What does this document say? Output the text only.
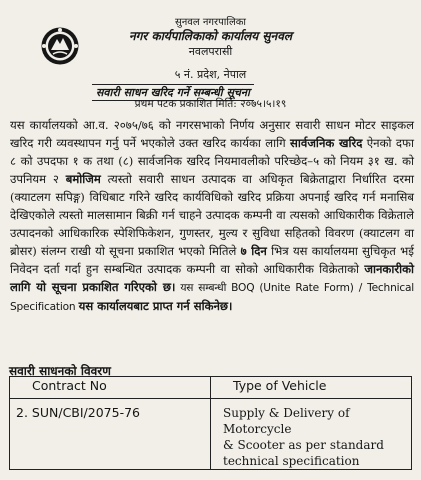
सुनवल नगरपालिका
नगर कार्यपालिकाको कार्यालय सुनवल
नवलपरासी
५ नं. प्रदेश, नेपाल
सवारी साधन खरिद गर्ने सम्बन्धी सूचना
प्रथम पटक प्रकाशित मिति: २०७५।५।१९

यस कार्यालयको आ.व. २०७५/७६ को नगरसभाको निर्णय अनुसार सवारी साधन मोटर साइकल खरिद गरी व्यवस्थापन गर्नु पर्ने भएकोले उक्त खरिद कार्यका लागि सार्वजनिक खरिद ऐनको दफा ८ को उपदफा १ क तथा (८) सार्वजनिक खरिद नियमावलीको परिच्छेद–५ को नियम ३१ ख. को उपनियम २ बमोजिम त्यस्तो सवारी साधन उत्पादक वा अधिकृत बिक्रेताद्वारा निर्धारित दरमा (क्याटलग सपिङ्ग) विधिबाट गरिने खरिद कार्यविधिको खरिद प्रक्रिया अपनाई खरिद गर्न मनासिब देखिएकोले त्यस्तो मालसामान बिक्री गर्न चाहने उत्पादक कम्पनी वा त्यसको आधिकारीक विक्रेताले उत्पादनको आधिकारिक स्पेशिफिकेशन, गुणस्तर, मुल्य र सुविधा सहितको विवरण (क्याटलग वा ब्रोसर) संलग्न राखी यो सूचना प्रकाशित भएको मितिले ७ दिन भित्र यस कार्यालयमा सुचिकृत भई निवेदन दर्ता गर्दा हुन सम्बन्धित उत्पादक कम्पनी वा सोको आधिकारीक विक्रेताको जानकारीको लागि यो सूचना प्रकाशित गरिएको छ। यस सम्बन्धी BOQ (Unite Rate Form) / Technical Specification यस कार्यालयबाट प्राप्त गर्न सकिनेछ।

सवारी साधनको विवरण
Contract No	Type of Vehicle
2. SUN/CBI/2075-76	Supply & Delivery of Motorcycle
& Scooter as per standard
technical specification
